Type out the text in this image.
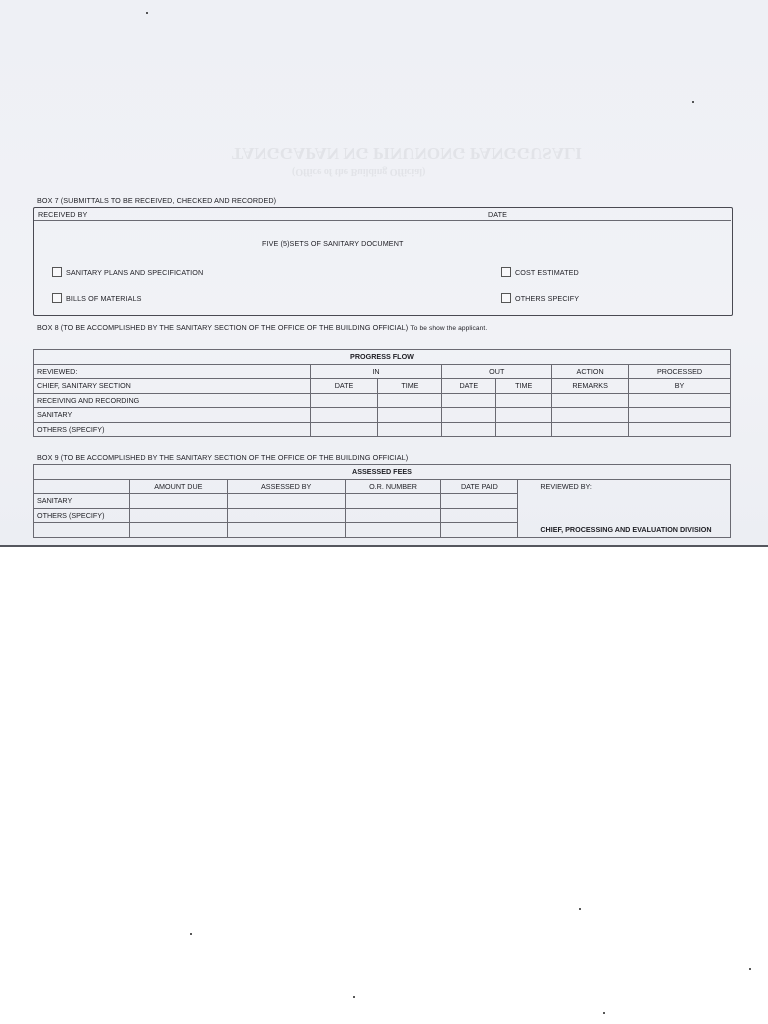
TANGGAPAN NG PINUNONG PANGGUSALI
(Office of the Building Official)
BOX 7 (SUBMITTALS TO BE RECEIVED, CHECKED AND RECORDED)
RECEIVED BY	DATE
FIVE (5)SETS OF SANITARY DOCUMENT
SANITARY PLANS AND SPECIFICATION
BILLS OF MATERIALS
COST ESTIMATED
OTHERS SPECIFY
BOX 8 (TO BE ACCOMPLISHED BY THE SANITARY SECTION OF THE OFFICE OF THE BUILDING OFFICIAL) To be show the applicant.
PROGRESS FLOW						
REVIEWED:	IN		OUT		ACTION	PROCESSED
CHIEF, SANITARY SECTION	DATE	TIME	DATE	TIME	REMARKS	BY
RECEIVING AND RECORDING						
SANITARY						
OTHERS (SPECIFY)						
BOX 9 (TO BE ACCOMPLISHED BY THE SANITARY SECTION OF THE OFFICE OF THE BUILDING OFFICIAL)
ASSESSED FEES					
	AMOUNT DUE	ASSESSED BY	O.R. NUMBER	DATE PAID	REVIEWED BY:
CHIEF, PROCESSING AND EVALUATION DIVISION

SANITARY					
OTHERS (SPECIFY)					
